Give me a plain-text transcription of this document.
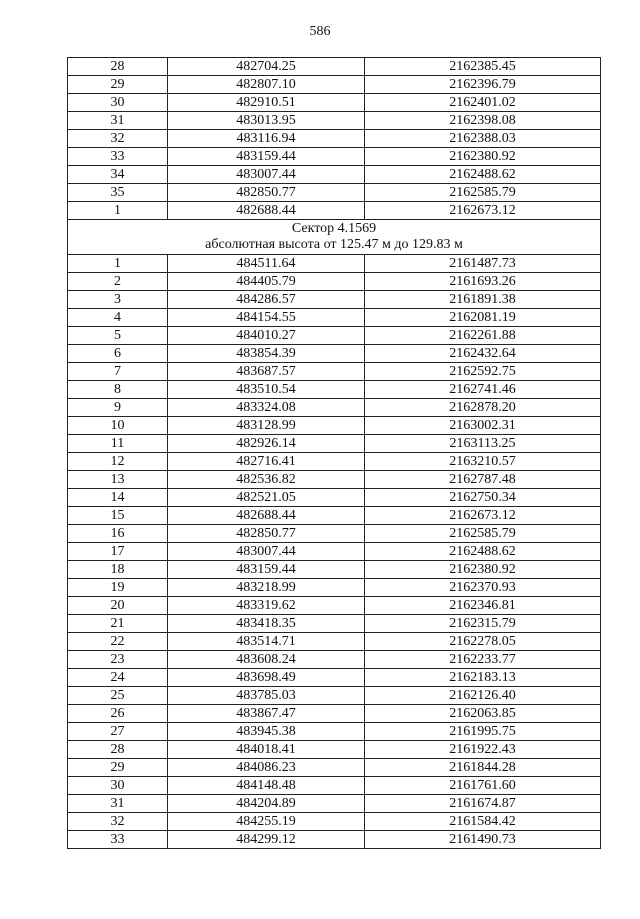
586
28	482704.25	2162385.45
29	482807.10	2162396.79
30	482910.51	2162401.02
31	483013.95	2162398.08
32	483116.94	2162388.03
33	483159.44	2162380.92
34	483007.44	2162488.62
35	482850.77	2162585.79
1	482688.44	2162673.12

Сектор 4.1569
абсолютная высота от 125.47 м до 129.83 м		

1	484511.64	2161487.73
2	484405.79	2161693.26
3	484286.57	2161891.38
4	484154.55	2162081.19
5	484010.27	2162261.88
6	483854.39	2162432.64
7	483687.57	2162592.75
8	483510.54	2162741.46
9	483324.08	2162878.20
10	483128.99	2163002.31
11	482926.14	2163113.25
12	482716.41	2163210.57
13	482536.82	2162787.48
14	482521.05	2162750.34
15	482688.44	2162673.12
16	482850.77	2162585.79
17	483007.44	2162488.62
18	483159.44	2162380.92
19	483218.99	2162370.93
20	483319.62	2162346.81
21	483418.35	2162315.79
22	483514.71	2162278.05
23	483608.24	2162233.77
24	483698.49	2162183.13
25	483785.03	2162126.40
26	483867.47	2162063.85
27	483945.38	2161995.75
28	484018.41	2161922.43
29	484086.23	2161844.28
30	484148.48	2161761.60
31	484204.89	2161674.87
32	484255.19	2161584.42
33	484299.12	2161490.73
